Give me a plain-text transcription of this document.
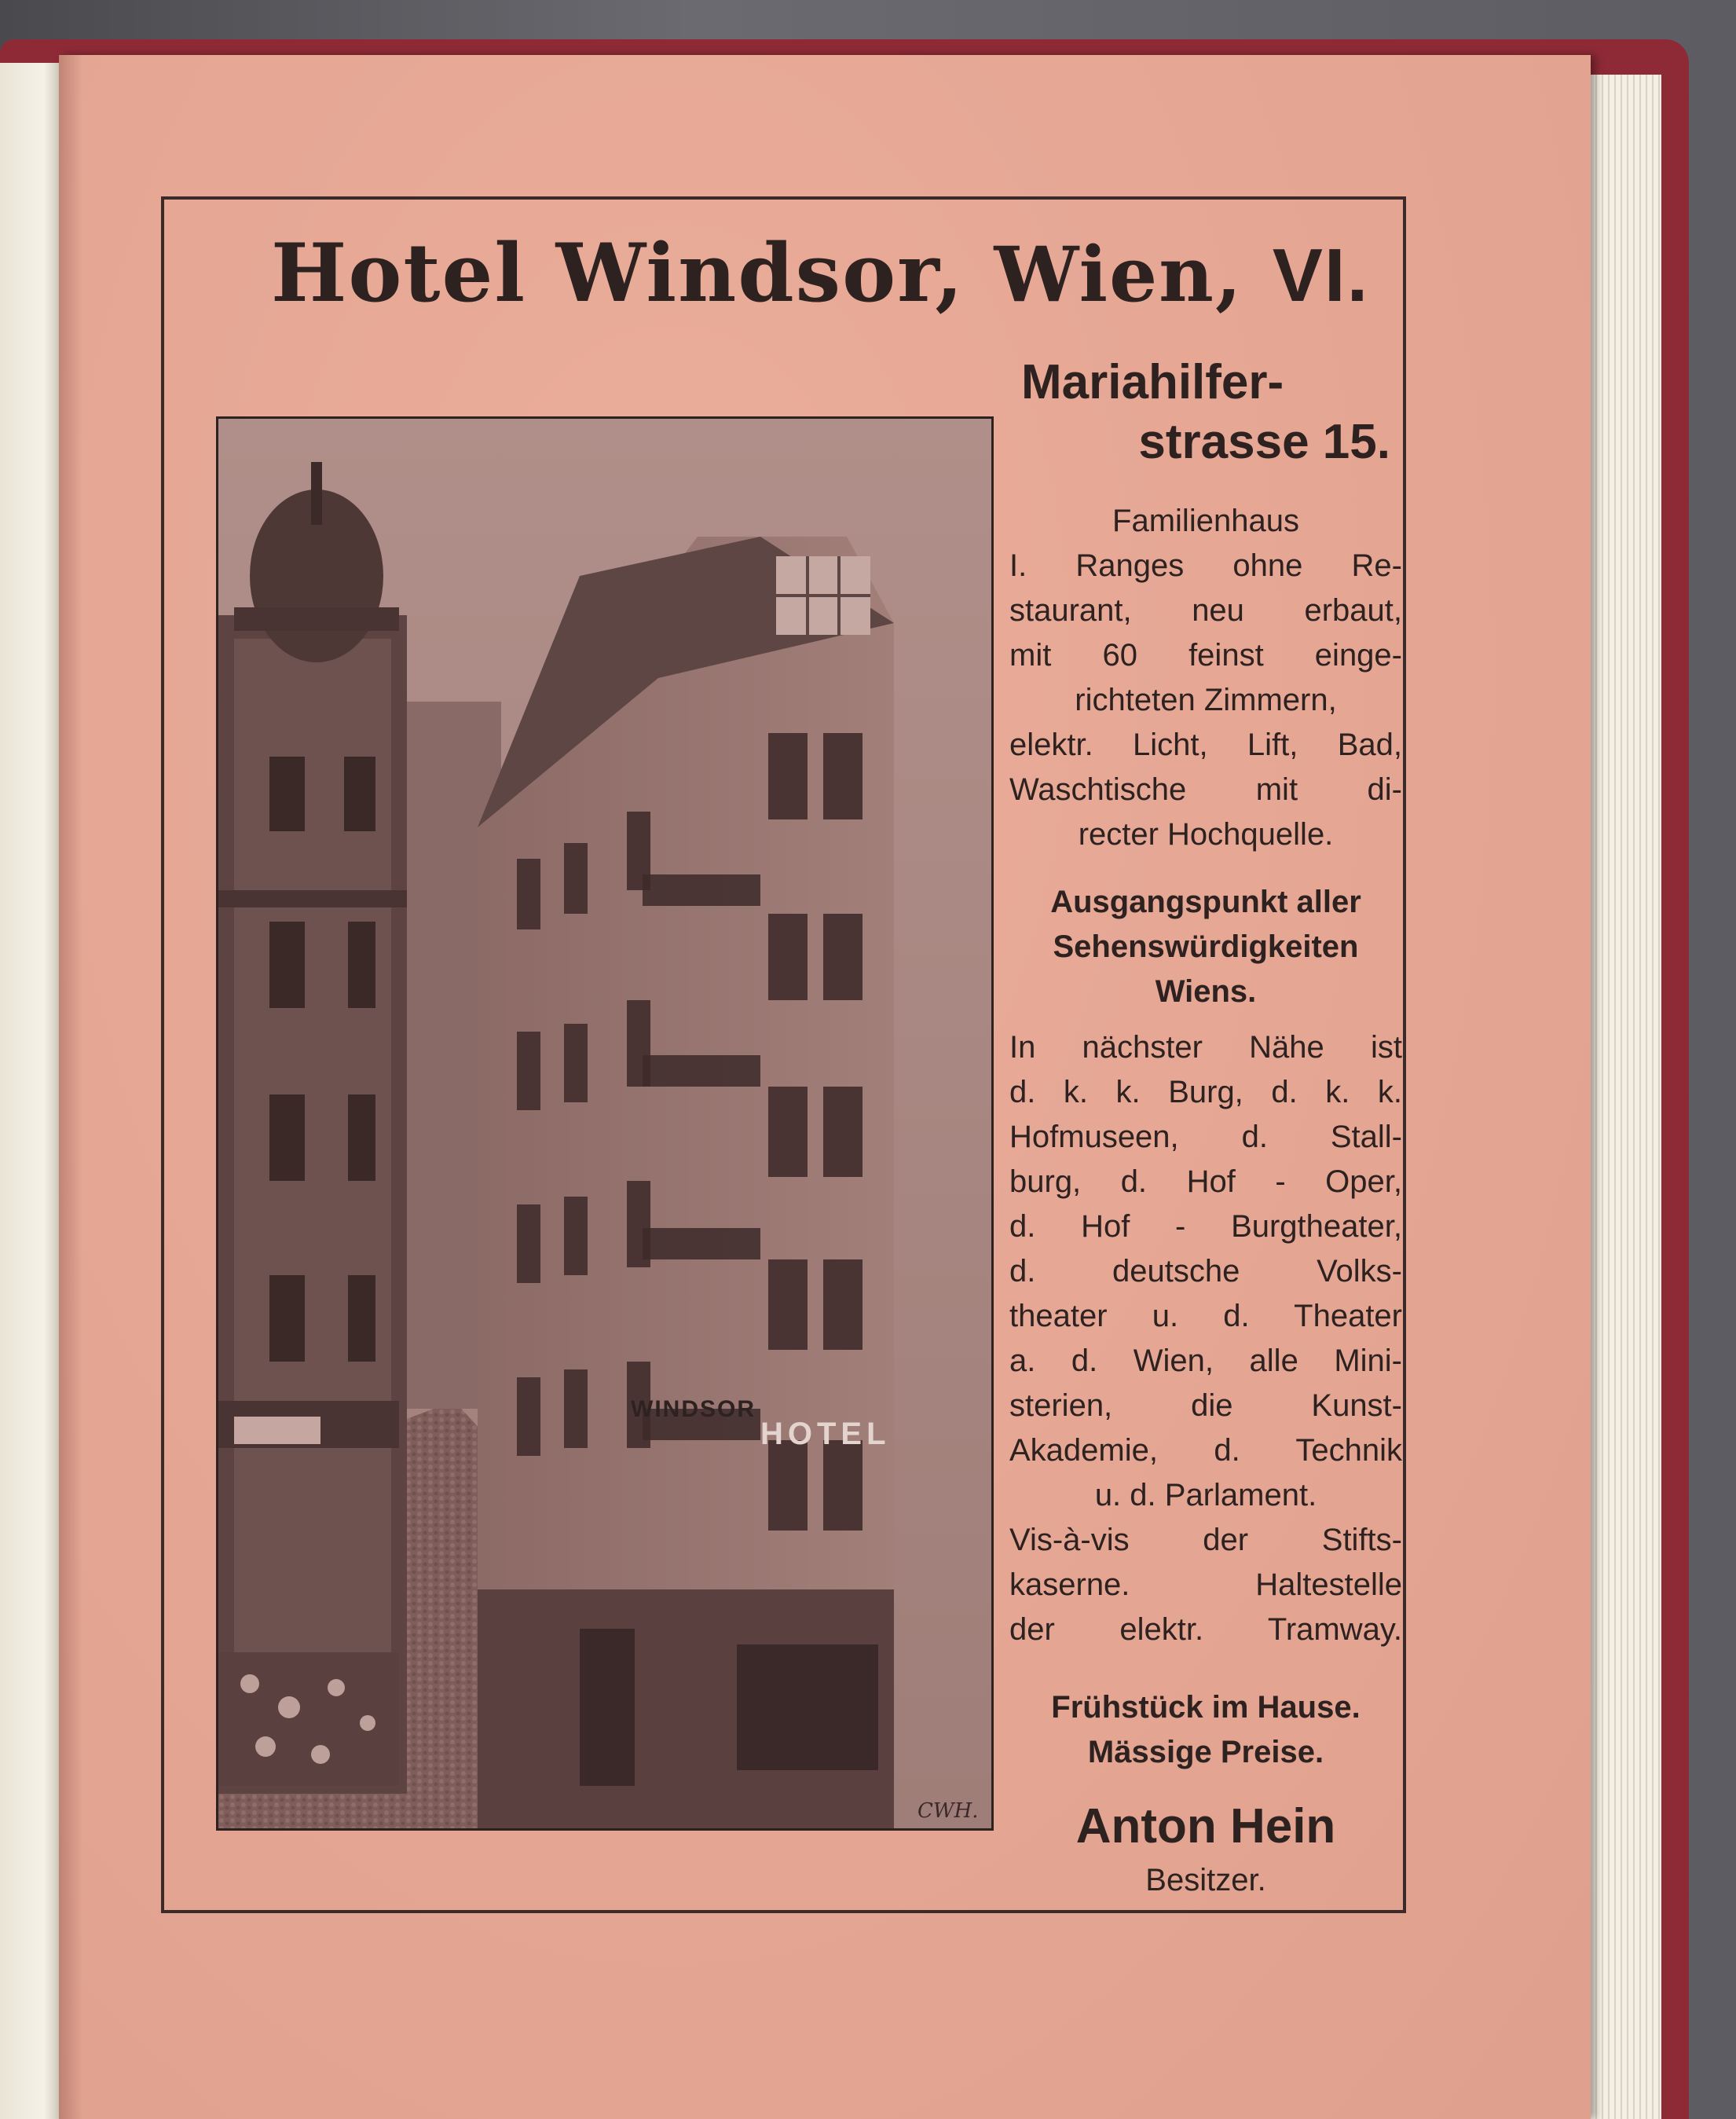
Hotel Windsor, Wien, VI.
Mariahilfer-
strasse 15.
HOTEL
WINDSOR
CWH.

Familienhaus

I. Ranges ohne Re-

staurant, neu erbaut,

mit 60 feinst einge-

richteten Zimmern,

elektr. Licht, Lift, Bad,

Waschtische mit di-

recter Hochquelle.

Ausgangspunkt aller

Sehenswürdigkeiten

Wiens.

In nächster Nähe ist

d. k. k. Burg, d. k. k.

Hofmuseen, d. Stall-

burg, d. Hof - Oper,

d. Hof - Burgtheater,

d. deutsche Volks-

theater u. d. Theater

a. d. Wien, alle Mini-

sterien, die Kunst-

Akademie, d. Technik

u. d. Parlament.

Vis-à-vis der Stifts-

kaserne. Haltestelle

der elektr. Tramway.

Frühstück im Hause.

Mässige Preise.

Anton Hein
Besitzer.
